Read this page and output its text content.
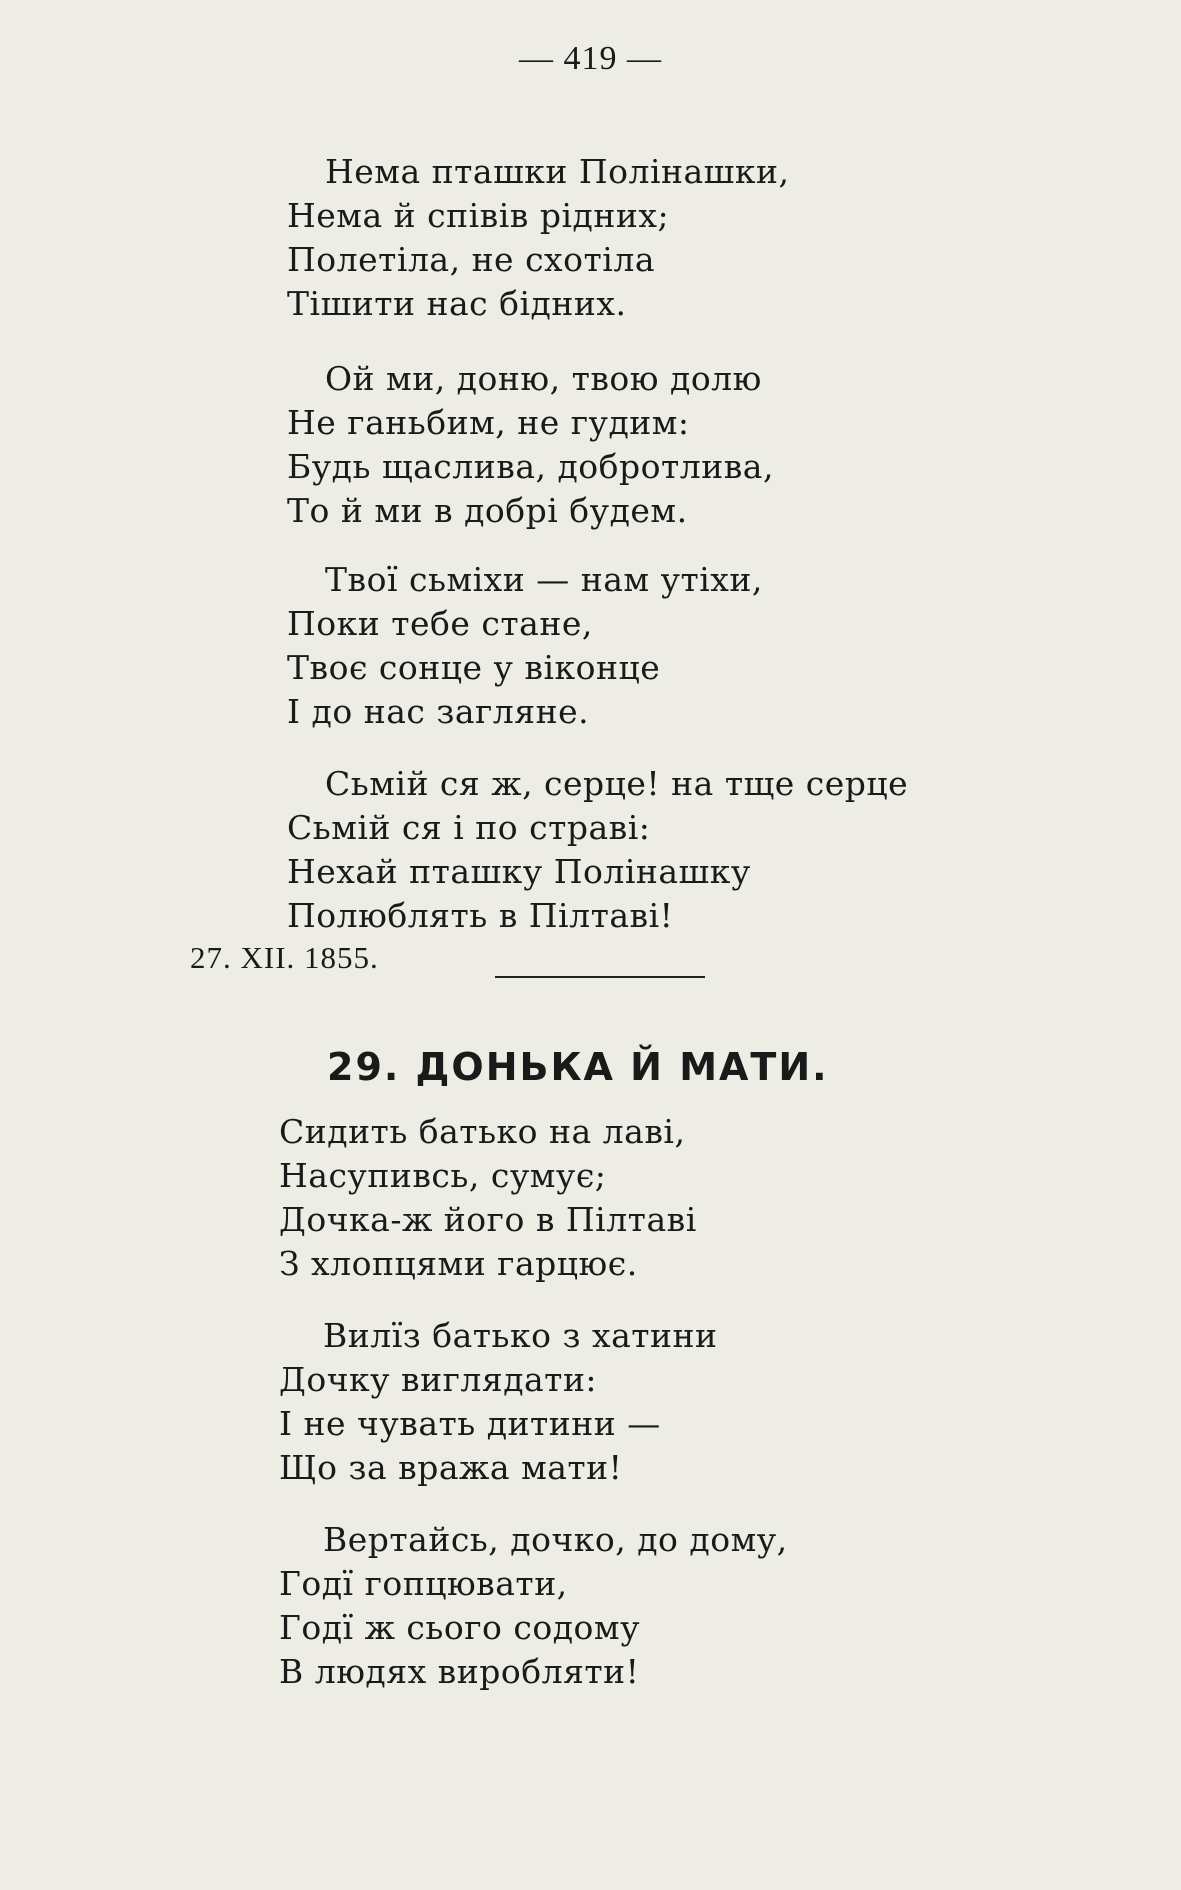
— 419 —
Нема пташки Полінашки,
Нема й співів рідних;
Полетіла, не схотіла
Тішити нас бідних.
Ой ми, доню, твою долю
Не ганьбим, не гудим:
Будь щаслива, добротлива,
То й ми в добрі будем.
Твої сьміхи — нам утіхи,
Поки тебе стане,
Твоє сонце у віконце
І до нас загляне.
Сьмій ся ж, серце! на тще серце
Сьмій ся і по страві:
Нехай пташку Полінашку
Полюблять в Пілтаві!
27. XII. 1855.
29. ДОНЬКА Й МАТИ.
Сидить батько на лаві,
Насупивсь, сумує;
Дочка-ж його в Пілтаві
З хлопцями гарцює.
Вилїз батько з хатини
Дочку виглядати:
І не чувать дитини —
Що за вража мати!
Вертайсь, дочко, до дому,
Годї гопцювати,
Годї ж сього содому
В людях виробляти!
